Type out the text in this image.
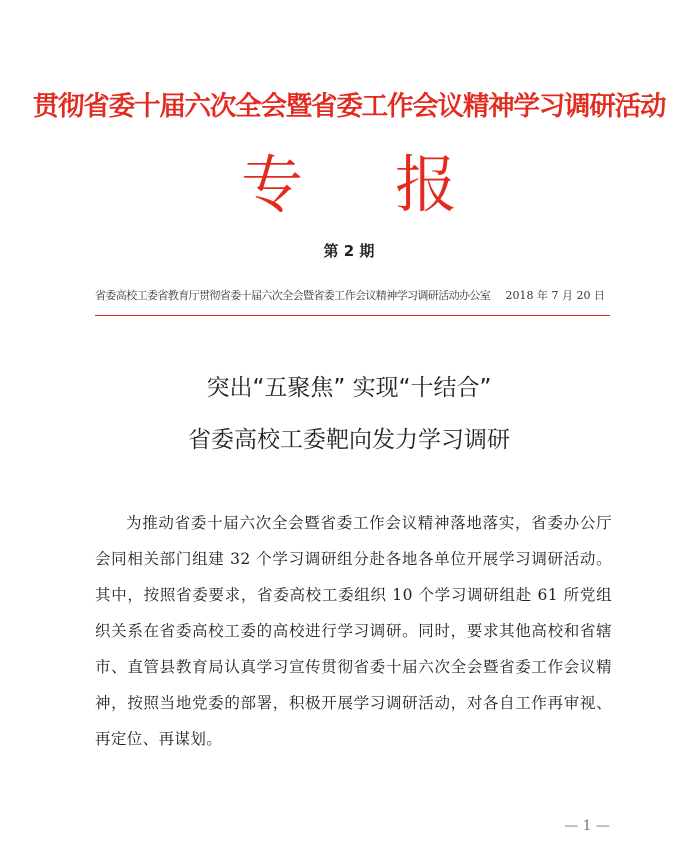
贯彻省委十届六次全会暨省委工作会议精神学习调研活动
专 报
第 2 期
省委高校工委省教育厅贯彻省委十届六次全会暨省委工作会议精神学习调研活动办公室 2018 年 7 月 20 日
突出“五聚焦” 实现“十结合”
省委高校工委靶向发力学习调研
为推动省委十届六次全会暨省委工作会议精神落地落实，省委办公厅会同相关部门组建 32 个学习调研组分赴各地各单位开展学习调研活动。其中，按照省委要求，省委高校工委组织 10 个学习调研组赴 61 所党组织关系在省委高校工委的高校进行学习调研。同时，要求其他高校和省辖市、直管县教育局认真学习宣传贯彻省委十届六次全会暨省委工作会议精神，按照当地党委的部署，积极开展学习调研活动，对各自工作再审视、再定位、再谋划。
— 1 —
